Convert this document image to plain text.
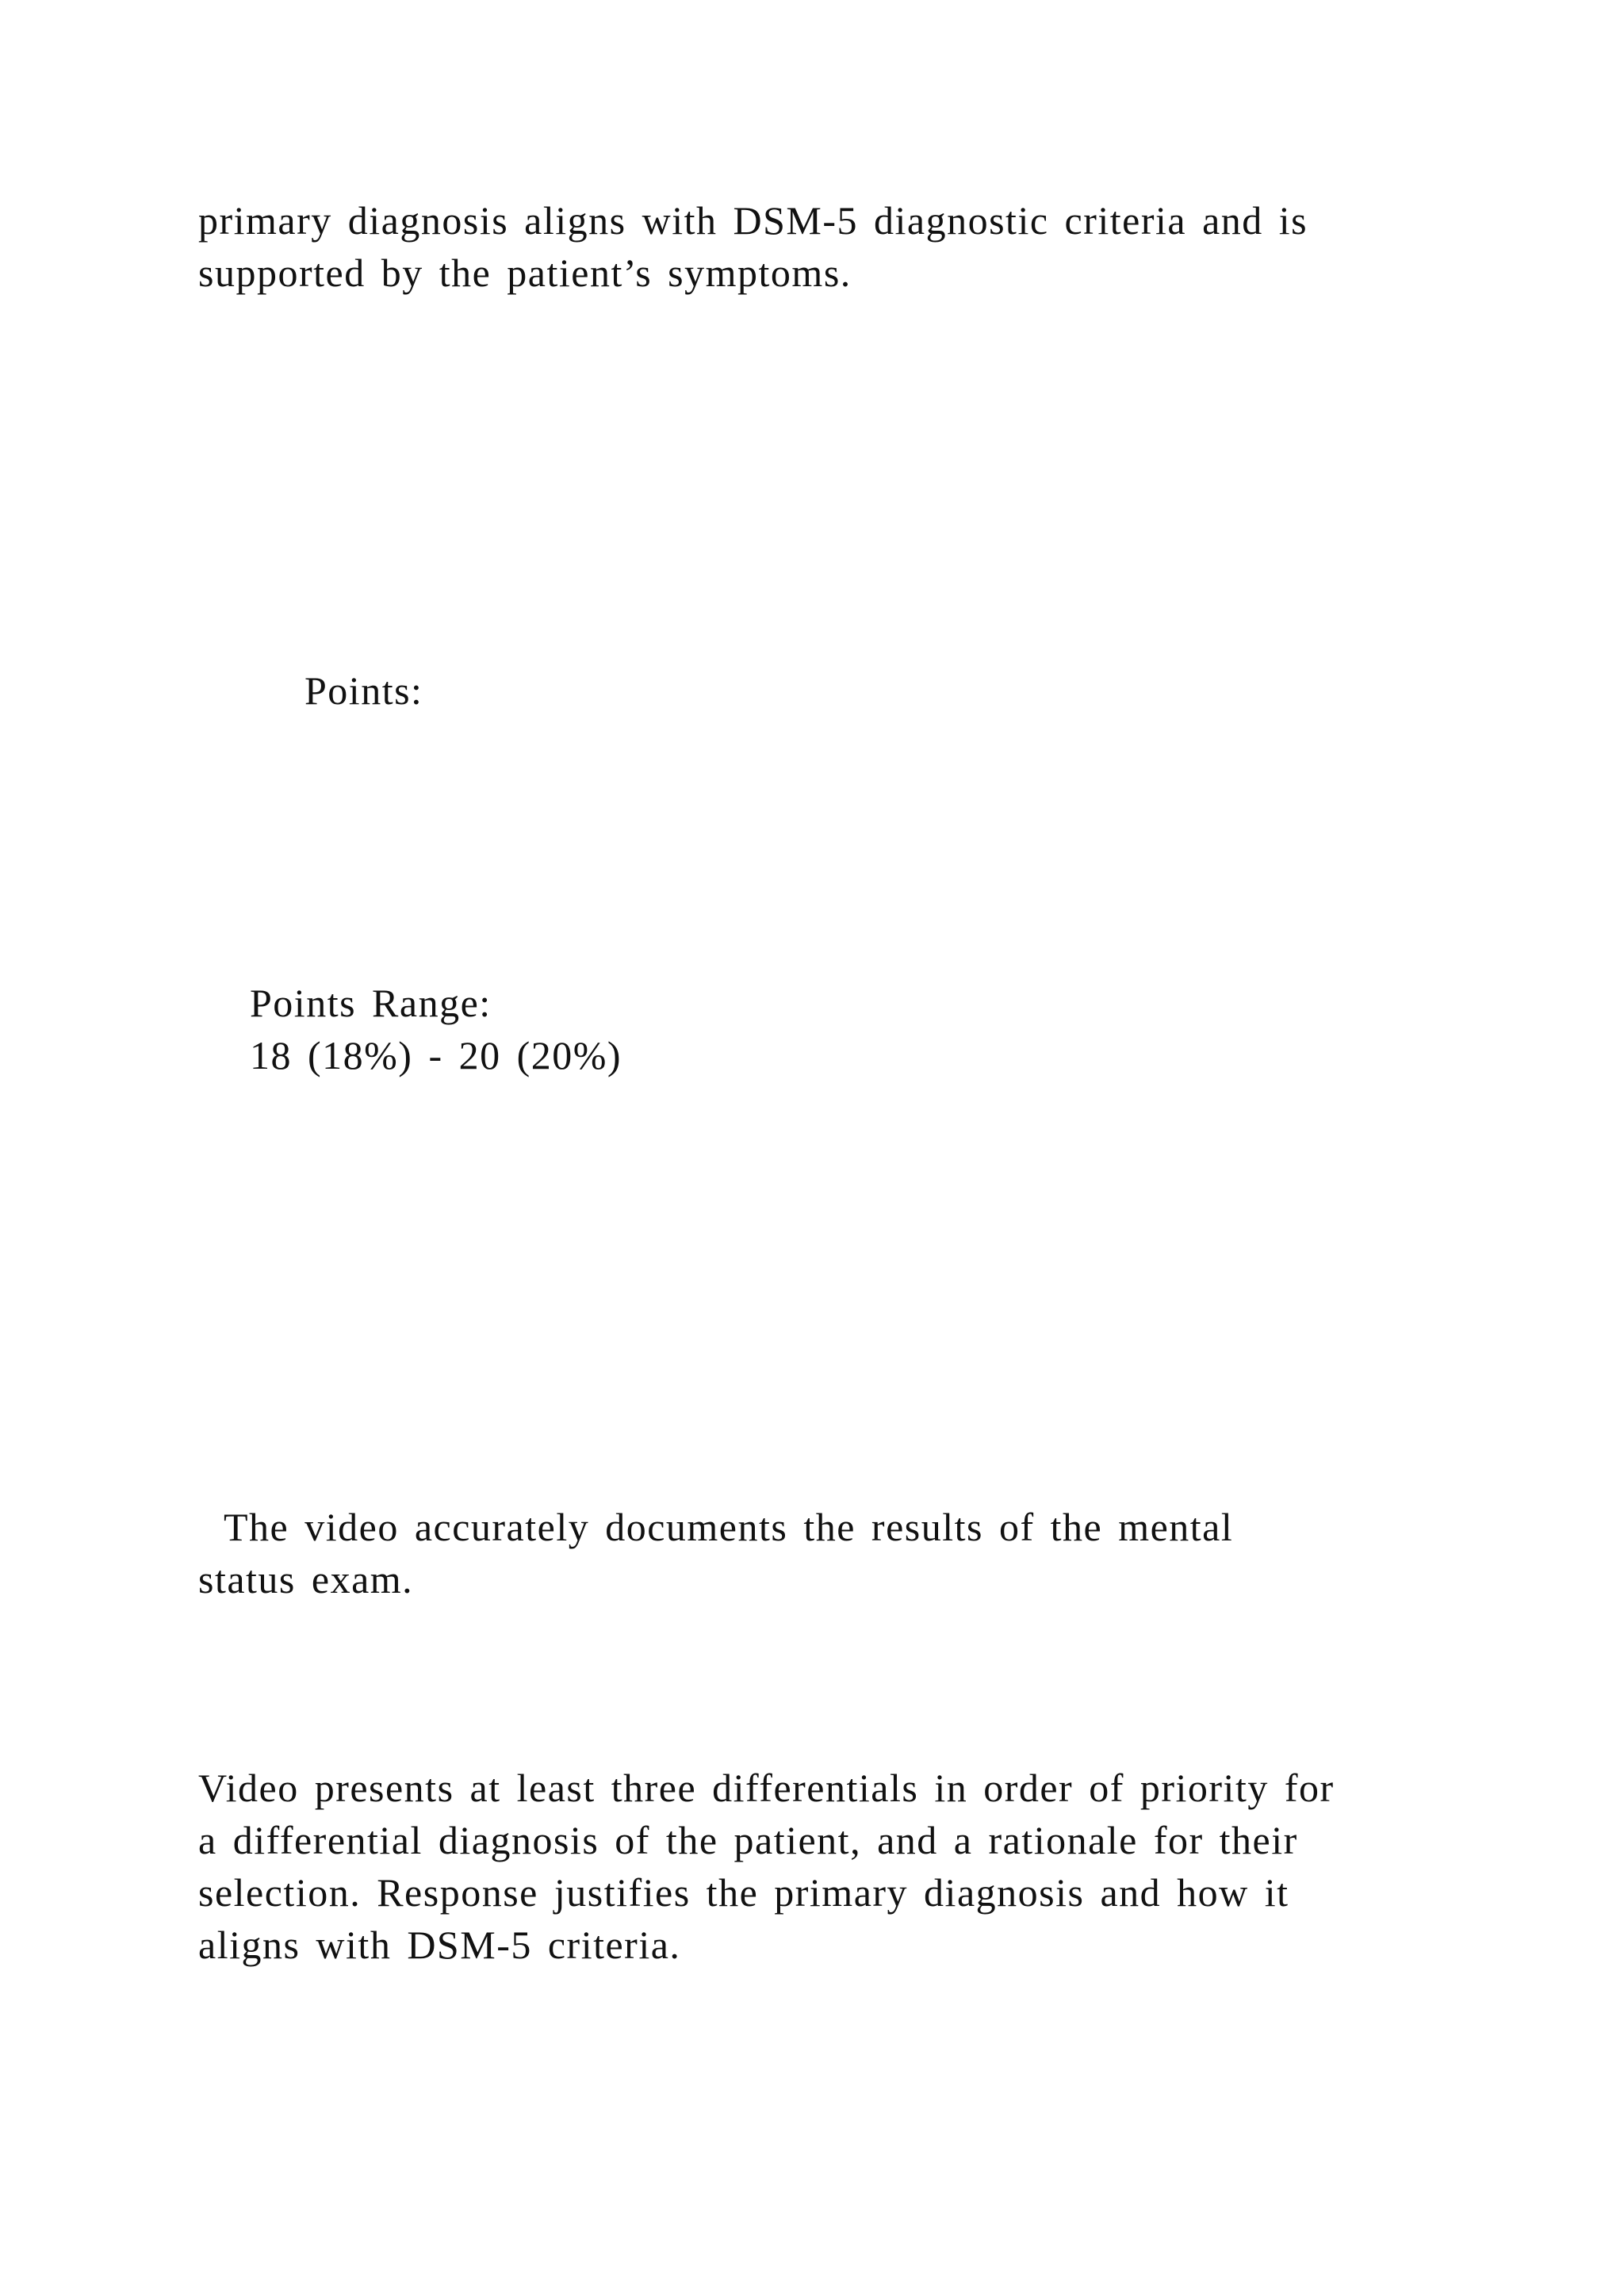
primary diagnosis aligns with DSM-5 diagnostic criteria and is
supported by the patient’s symptoms.
Points:
Points Range:
18 (18%) - 20 (20%)
The video accurately documents the results of the mental
status exam.
Video presents at least three differentials in order of priority for
a differential diagnosis of the patient, and a rationale for their
selection. Response justifies the primary diagnosis and how it
aligns with DSM-5 criteria.
